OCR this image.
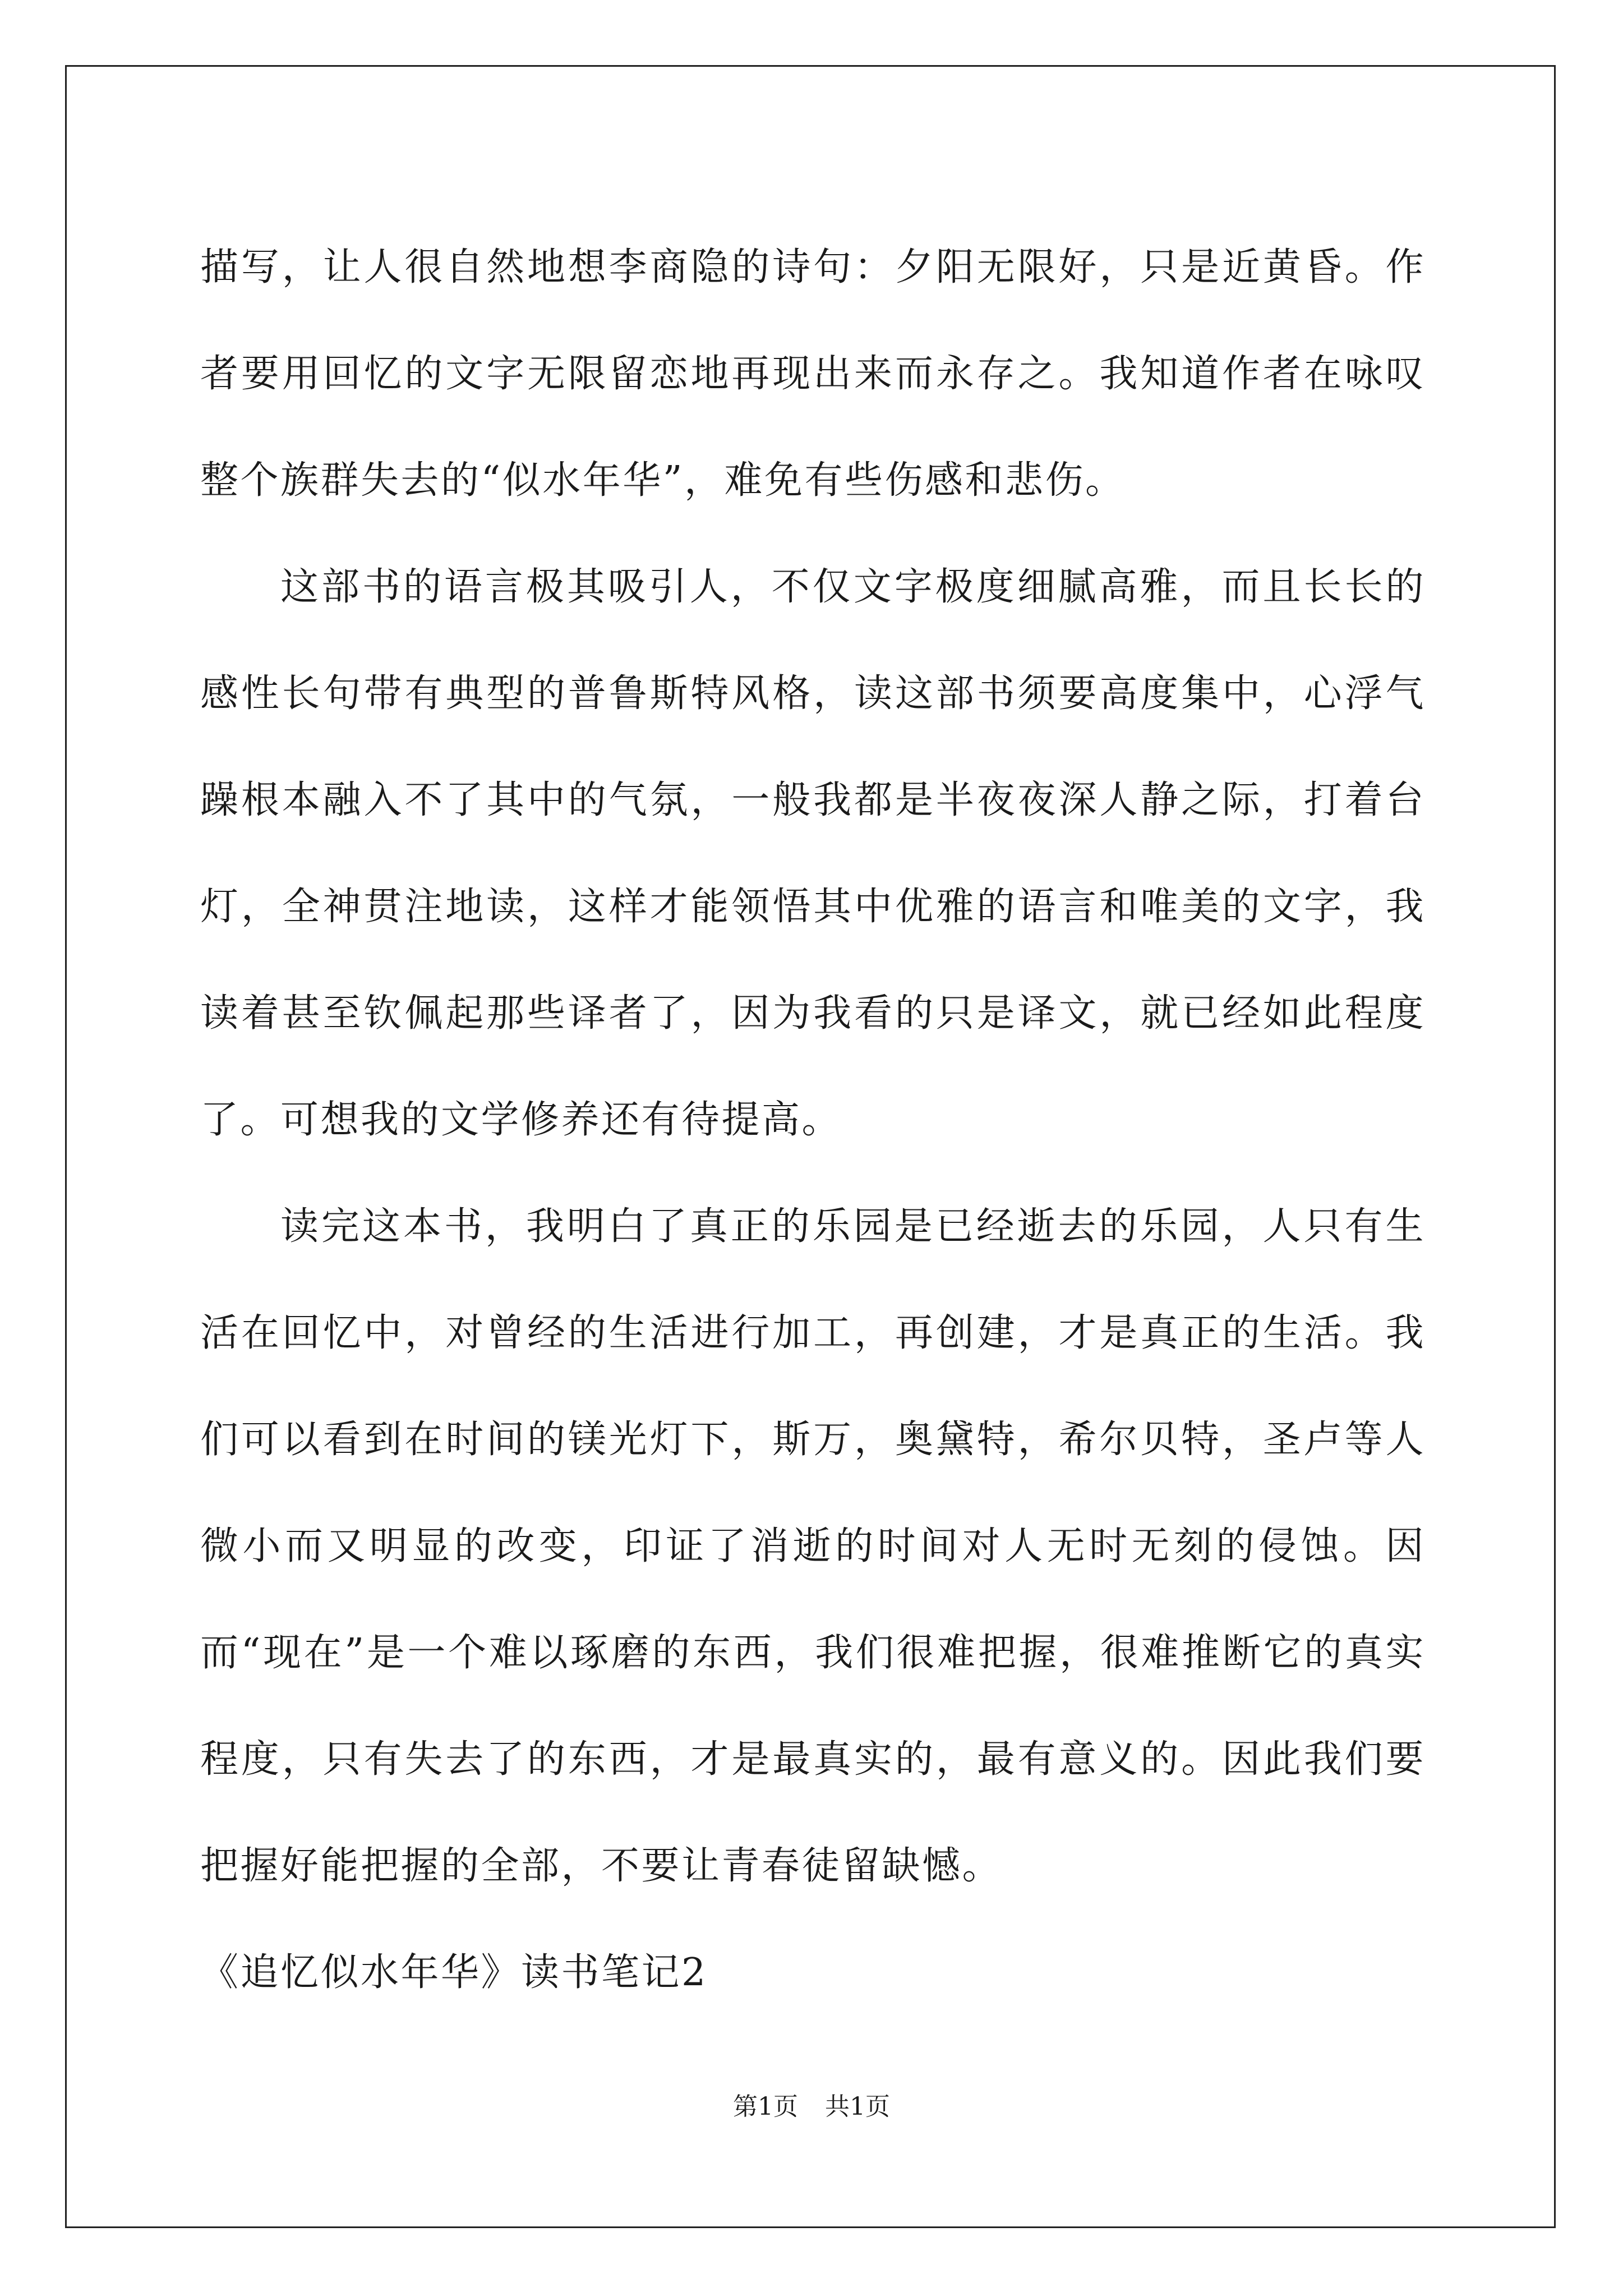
描写，让人很自然地想李商隐的诗句：夕阳无限好，只是近黄昏。作者要用回忆的文字无限留恋地再现出来而永存之。我知道作者在咏叹整个族群失去的“似水年华”，难免有些伤感和悲伤。

这部书的语言极其吸引人，不仅文字极度细腻高雅，而且长长的感性长句带有典型的普鲁斯特风格，读这部书须要高度集中，心浮气躁根本融入不了其中的气氛，一般我都是半夜夜深人静之际，打着台灯，全神贯注地读，这样才能领悟其中优雅的语言和唯美的文字，我读着甚至钦佩起那些译者了，因为我看的只是译文，就已经如此程度了。可想我的文学修养还有待提高。

读完这本书，我明白了真正的乐园是已经逝去的乐园，人只有生活在回忆中，对曾经的生活进行加工，再创建，才是真正的生活。我们可以看到在时间的镁光灯下，斯万，奥黛特，希尔贝特，圣卢等人微小而又明显的改变，印证了消逝的时间对人无时无刻的侵蚀。因而“现在”是一个难以琢磨的东西，我们很难把握，很难推断它的真实程度，只有失去了的东西，才是最真实的，最有意义的。因此我们要把握好能把握的全部，不要让青春徒留缺憾。

《追忆似水年华》读书笔记2

第1页 共1页
